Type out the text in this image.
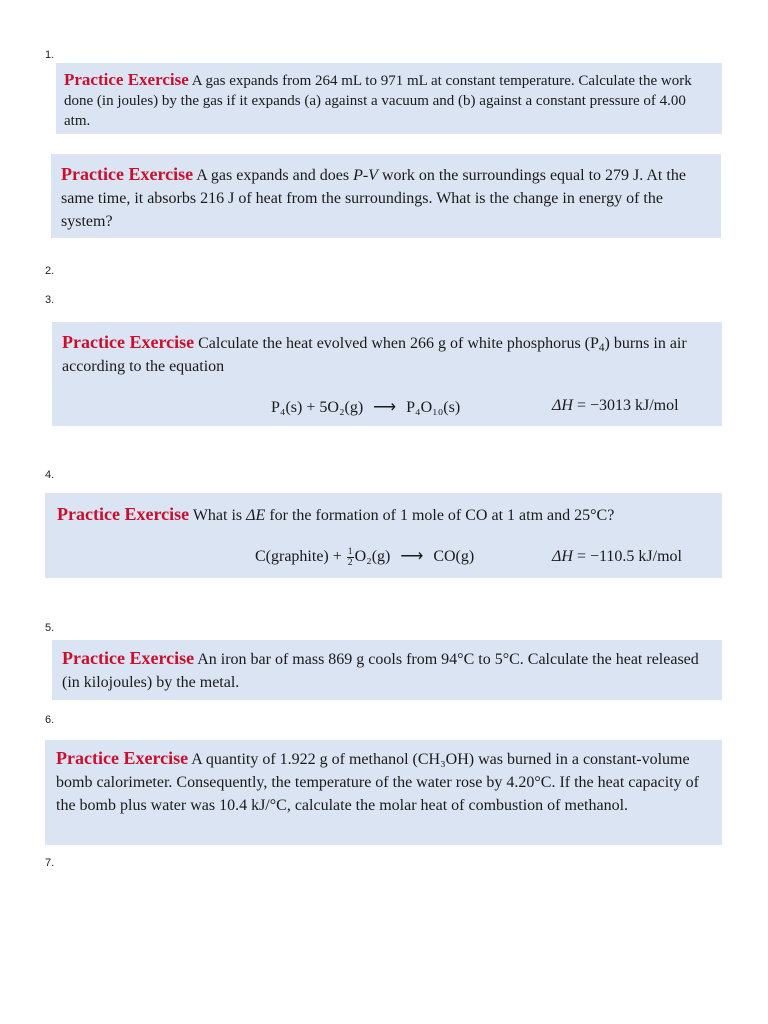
1.
2.
3.
4.
5.
6.
7.
Practice Exercise A gas expands from 264 mL to 971 mL at constant temperature. Calculate the work done (in joules) by the gas if it expands (a) against a vacuum and (b) against a constant pressure of 4.00 atm.
Practice Exercise A gas expands and does P-V work on the surroundings equal to 279 J. At the same time, it absorbs 216 J of heat from the surroundings. What is the change in energy of the system?
Practice Exercise Calculate the heat evolved when 266 g of white phosphorus $(P_4)$ burns in air according to the equation
P₄(s) + 5O₂(g) ⟶ P₄O₁₀(s)	ΔH = −3013 kJ/mol
Practice Exercise What is ΔE for the formation of 1 mole of CO at 1 atm and 25°C?
C(graphite) + $\frac{1}{2} O_2(g)$ ⟶ CO(g)	ΔH = −110.5 kJ/mol
Practice Exercise An iron bar of mass 869 g cools from 94°C to 5°C. Calculate the heat released (in kilojoules) by the metal.
Practice Exercise A quantity of 1.922 g of methanol (CH₃OH) was burned in a constant-volume bomb calorimeter. Consequently, the temperature of the water rose by 4.20°C. If the heat capacity of the bomb plus water was 10.4 kJ/°C, calculate the molar heat of combustion of methanol.
